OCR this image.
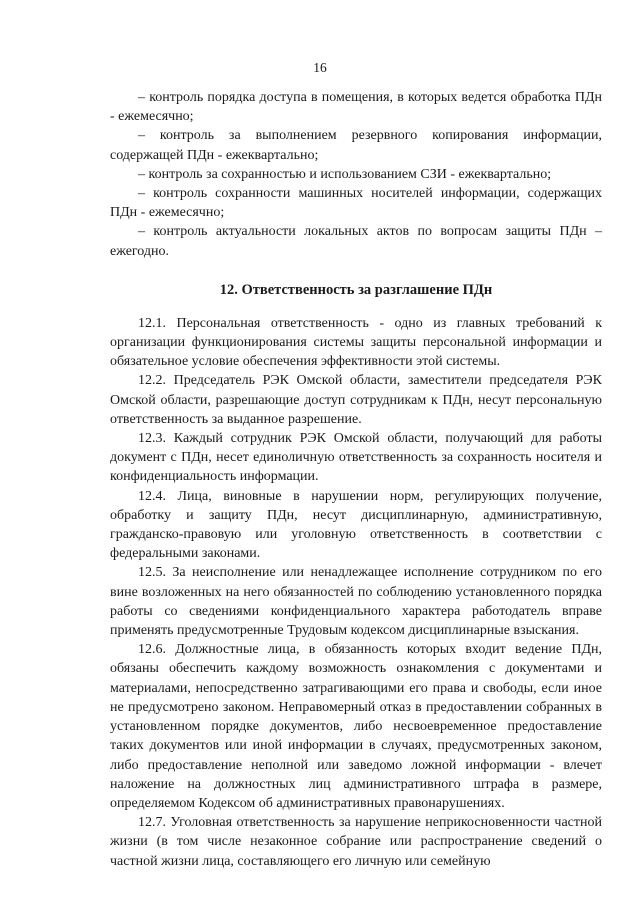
16

– контроль порядка доступа в помещения, в которых ведется обработка ПДн - ежемесячно;

– контроль за выполнением резервного копирования информации, содержащей ПДн - ежеквартально;

– контроль за сохранностью и использованием СЗИ - ежеквартально;

– контроль сохранности машинных носителей информации, содержащих ПДн - ежемесячно;

– контроль актуальности локальных актов по вопросам защиты ПДн – ежегодно.

12. Ответственность за разглашение ПДн

12.1. Персональная ответственность - одно из главных требований к организации функционирования системы защиты персональной информации и обязательное условие обеспечения эффективности этой системы.

12.2. Председатель РЭК Омской области, заместители председателя РЭК Омской области, разрешающие доступ сотрудникам к ПДн, несут персональную ответственность за выданное разрешение.

12.3. Каждый сотрудник РЭК Омской области, получающий для работы документ с ПДн, несет единоличную ответственность за сохранность носителя и конфиденциальность информации.

12.4. Лица, виновные в нарушении норм, регулирующих получение, обработку и защиту ПДн, несут дисциплинарную, административную, гражданско-правовую или уголовную ответственность в соответствии с федеральными законами.

12.5. За неисполнение или ненадлежащее исполнение сотрудником по его вине возложенных на него обязанностей по соблюдению установленного порядка работы со сведениями конфиденциального характера работодатель вправе применять предусмотренные Трудовым кодексом дисциплинарные взыскания.

12.6. Должностные лица, в обязанность которых входит ведение ПДн, обязаны обеспечить каждому возможность ознакомления с документами и материалами, непосредственно затрагивающими его права и свободы, если иное не предусмотрено законом. Неправомерный отказ в предоставлении собранных в установленном порядке документов, либо несвоевременное предоставление таких документов или иной информации в случаях, предусмотренных законом, либо предоставление неполной или заведомо ложной информации - влечет наложение на должностных лиц административного штрафа в размере, определяемом Кодексом об административных правонарушениях.

12.7. Уголовная ответственность за нарушение неприкосновенности частной жизни (в том числе незаконное собрание или распространение сведений о частной жизни лица, составляющего его личную или семейную
